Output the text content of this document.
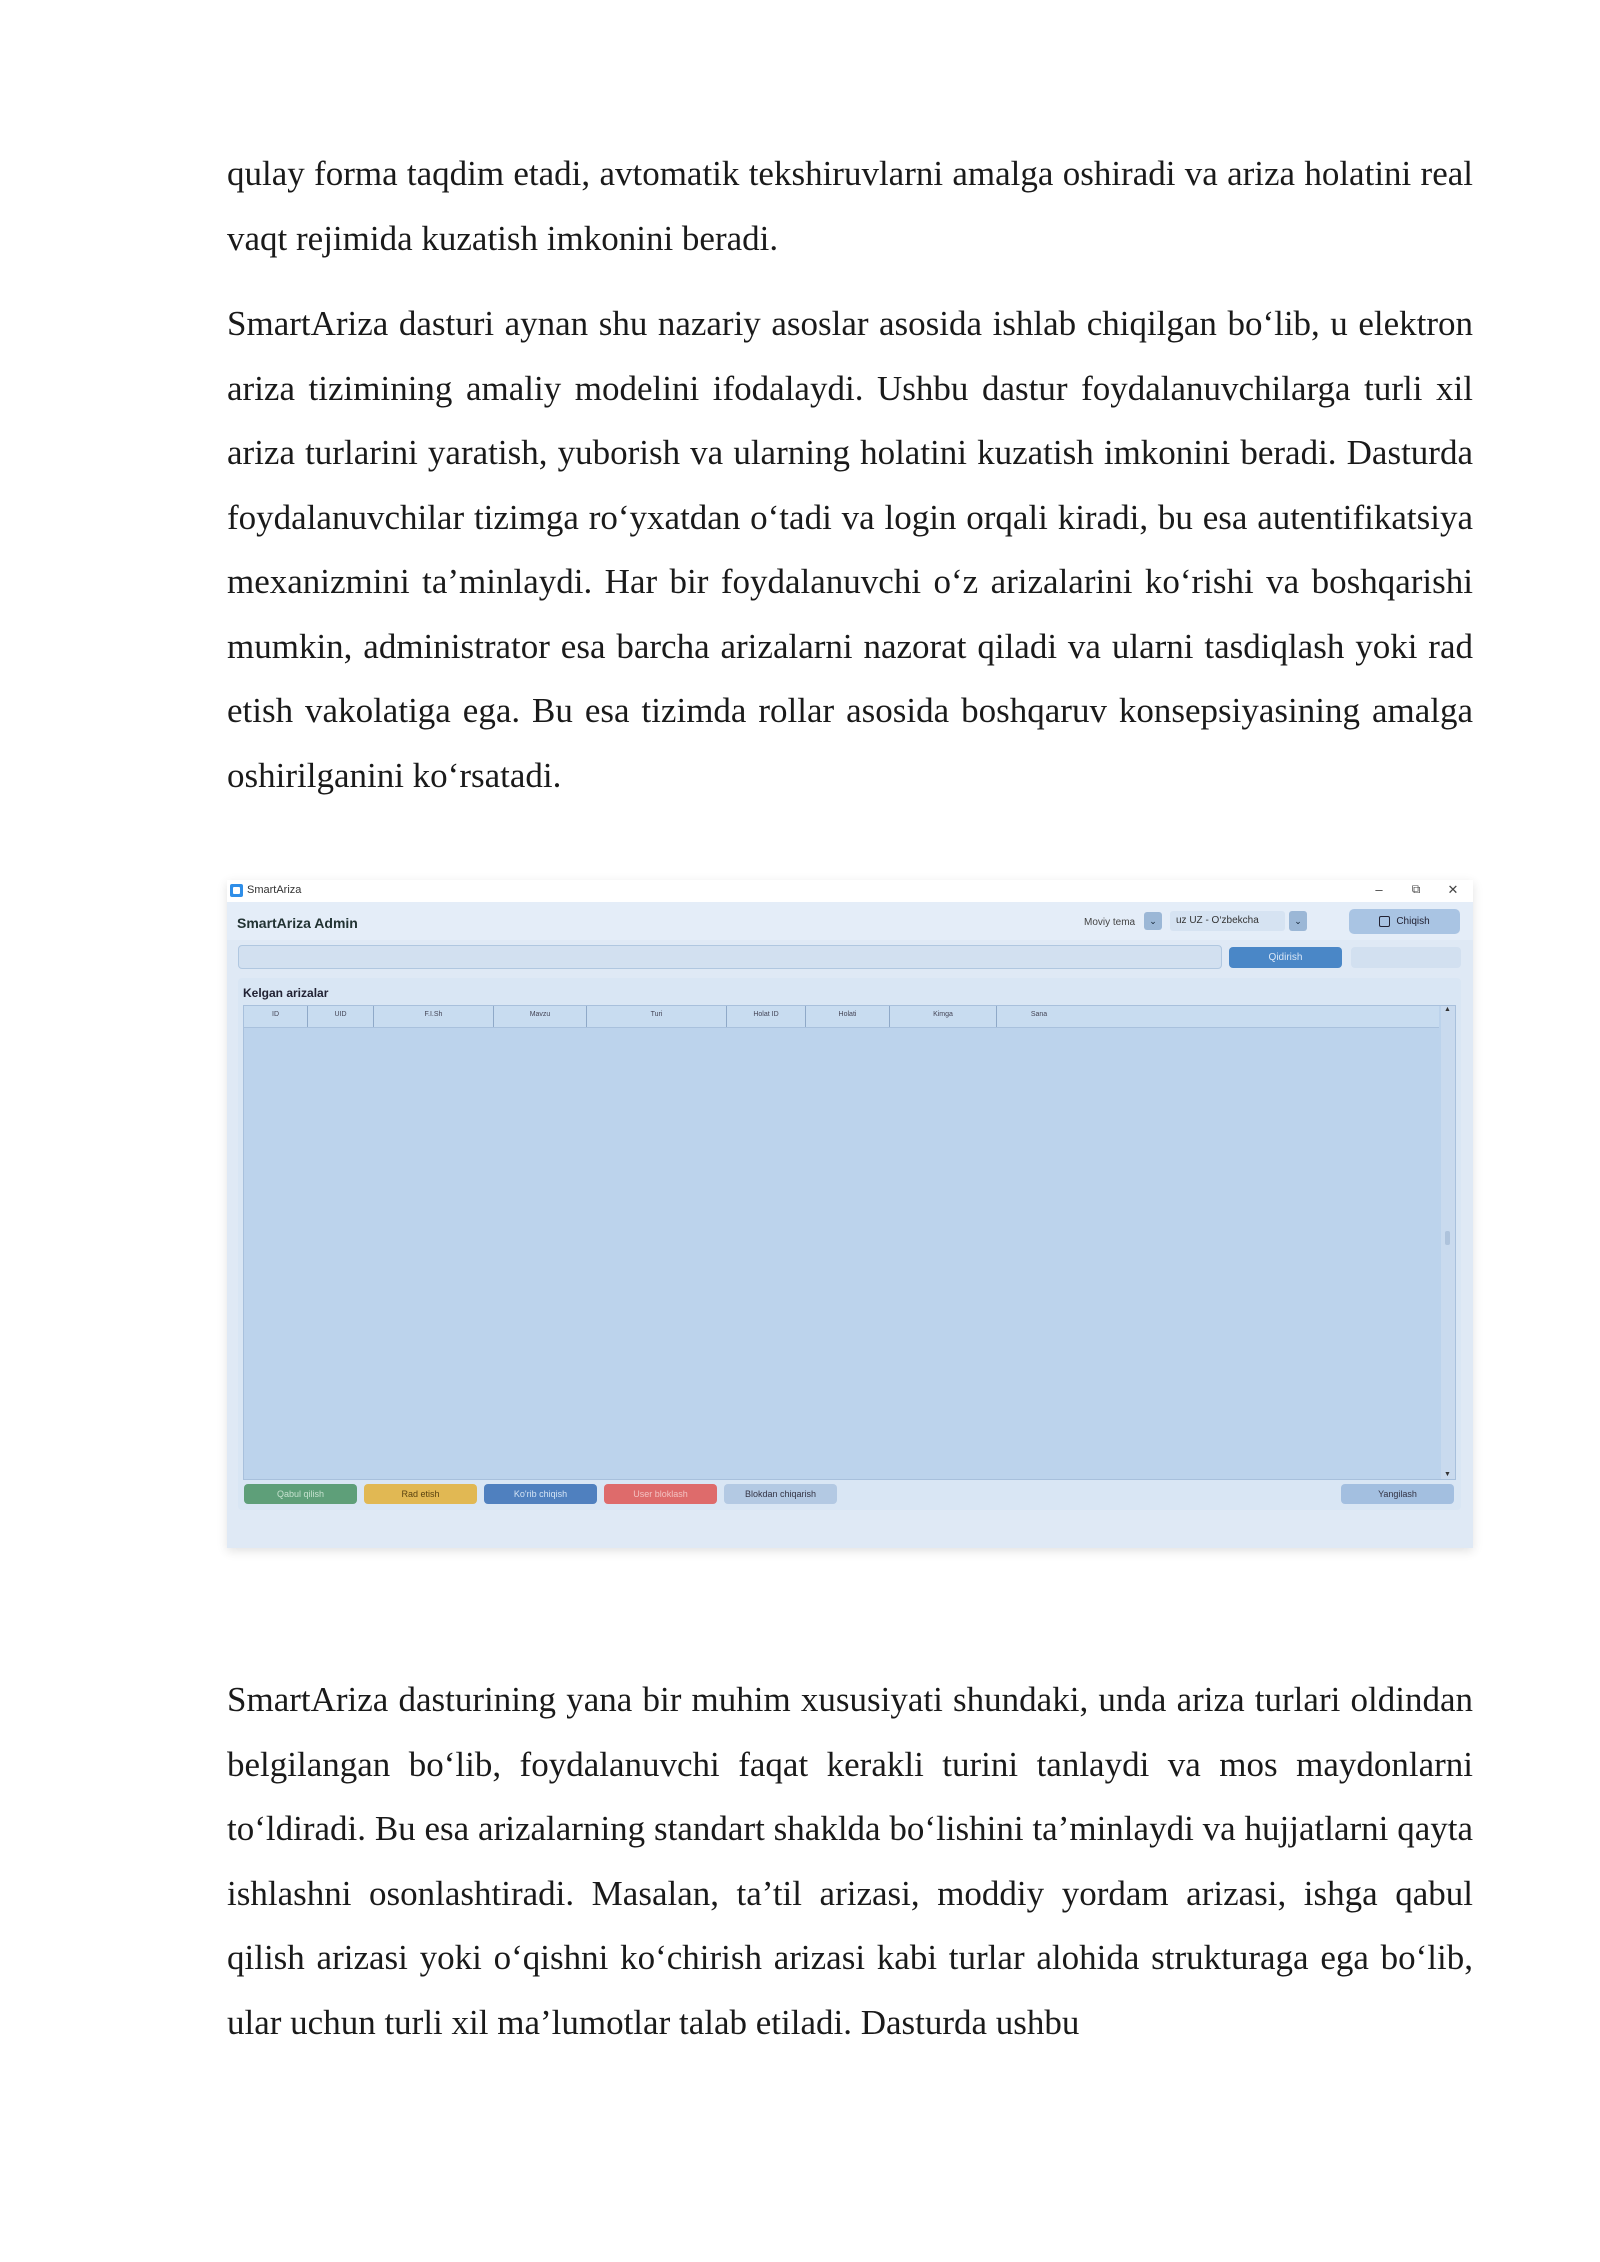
qulay forma taqdim etadi, avtomatik tekshiruvlarni amalga oshiradi va ariza holatini real vaqt rejimida kuzatish imkonini beradi.

SmartAriza dasturi aynan shu nazariy asoslar asosida ishlab chiqilgan bo‘lib, u elektron ariza tizimining amaliy modelini ifodalaydi. Ushbu dastur foydalanuvchilarga turli xil ariza turlarini yaratish, yuborish va ularning holatini kuzatish imkonini beradi. Dasturda foydalanuvchilar tizimga ro‘yxatdan o‘tadi va login orqali kiradi, bu esa autentifikatsiya mexanizmini ta’minlaydi. Har bir foydalanuvchi o‘z arizalarini ko‘rishi va boshqarishi mumkin, administrator esa barcha arizalarni nazorat qiladi va ularni tasdiqlash yoki rad etish vakolatiga ega. Bu esa tizimda rollar asosida boshqaruv konsepsiyasining amalga oshirilganini ko‘rsatadi.

SmartAriza	–	⧉	✕
SmartAriza Admin	Moviy tema	⌄	uz UZ - O‘zbekcha	⌄	Chiqish
Qidirish
Kelgan arizalar
ID	UID	F.I.Sh	Mavzu	Turi	Holat ID	Holati	Kimga	Sana
▲
▼
Qabul qilish	Rad etish	Ko'rib chiqish	User bloklash	Blokdan chiqarish	Yangilash

SmartAriza dasturining yana bir muhim xususiyati shundaki, unda ariza turlari oldindan belgilangan bo‘lib, foydalanuvchi faqat kerakli turini tanlaydi va mos maydonlarni to‘ldiradi. Bu esa arizalarning standart shaklda bo‘lishini ta’minlaydi va hujjatlarni qayta ishlashni osonlashtiradi. Masalan, ta’til arizasi, moddiy yordam arizasi, ishga qabul qilish arizasi yoki o‘qishni ko‘chirish arizasi kabi turlar alohida strukturaga ega bo‘lib, ular uchun turli xil ma’lumotlar talab etiladi. Dasturda ushbu
